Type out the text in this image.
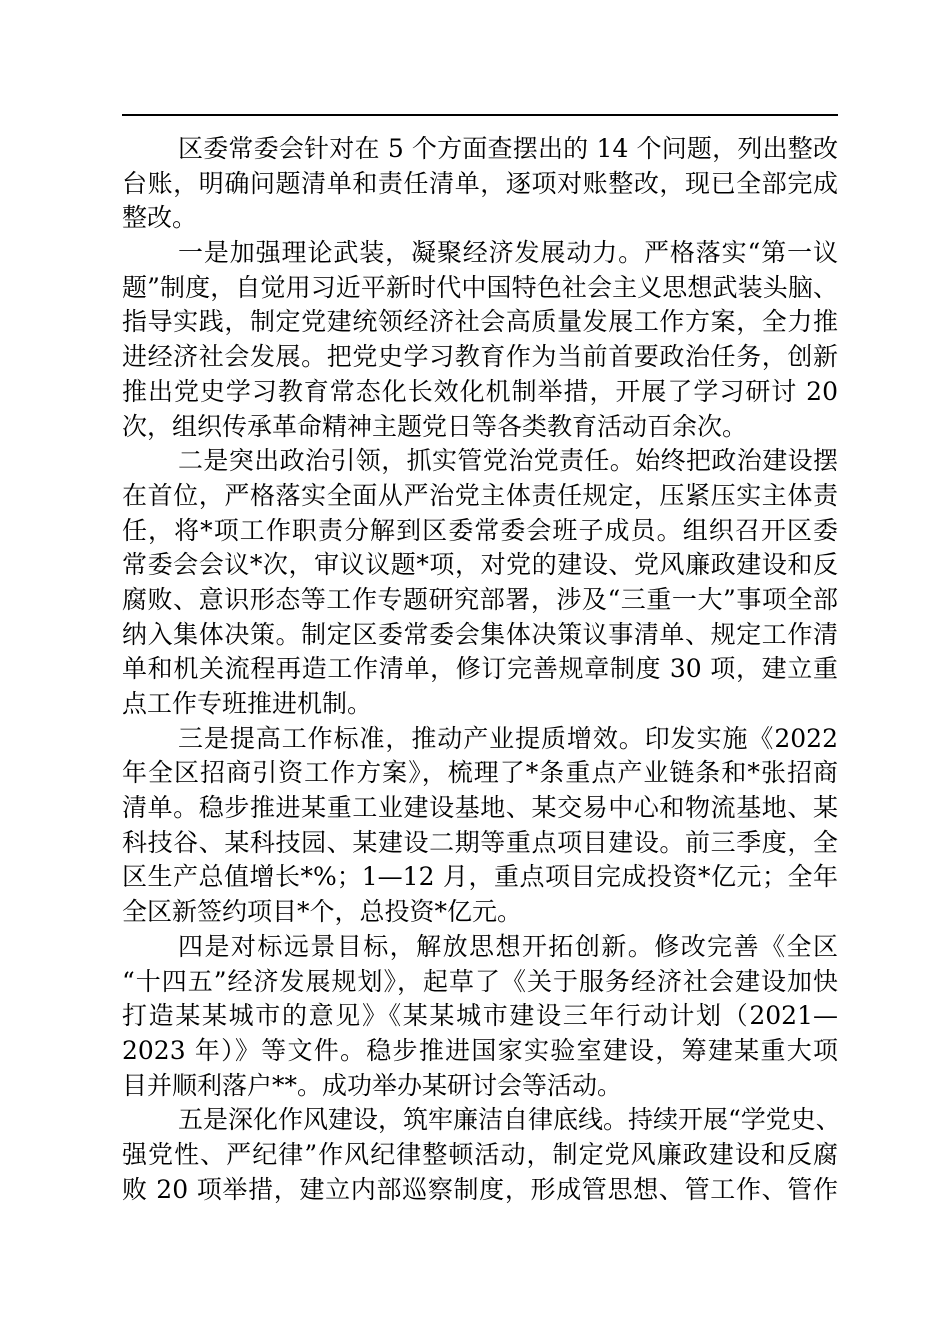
区委常委会针对在 5 个方面查摆出的 14 个问题，列出整改
台账，明确问题清单和责任清单，逐项对账整改，现已全部完成
整改。
一是加强理论武装，凝聚经济发展动力。严格落实“第一议
题”制度，自觉用习近平新时代中国特色社会主义思想武装头脑、
指导实践，制定党建统领经济社会高质量发展工作方案，全力推
进经济社会发展。把党史学习教育作为当前首要政治任务，创新
推出党史学习教育常态化长效化机制举措，开展了学习研讨 20
次，组织传承革命精神主题党日等各类教育活动百余次。
二是突出政治引领，抓实管党治党责任。始终把政治建设摆
在首位，严格落实全面从严治党主体责任规定，压紧压实主体责
任，将*项工作职责分解到区委常委会班子成员。组织召开区委
常委会会议*次，审议议题*项，对党的建设、党风廉政建设和反
腐败、意识形态等工作专题研究部署，涉及“三重一大”事项全部
纳入集体决策。制定区委常委会集体决策议事清单、规定工作清
单和机关流程再造工作清单，修订完善规章制度 30 项，建立重
点工作专班推进机制。
三是提高工作标准，推动产业提质增效。印发实施《2022
年全区招商引资工作方案》，梳理了*条重点产业链条和*张招商
清单。稳步推进某重工业建设基地、某交易中心和物流基地、某
科技谷、某科技园、某建设二期等重点项目建设。前三季度，全
区生产总值增长*%；1—12 月，重点项目完成投资*亿元；全年
全区新签约项目*个，总投资*亿元。
四是对标远景目标，解放思想开拓创新。修改完善《全区
“十四五”经济发展规划》，起草了《关于服务经济社会建设加快
打造某某城市的意见》《某某城市建设三年行动计划（2021—
2023 年）》等文件。稳步推进国家实验室建设，筹建某重大项
目并顺利落户**。成功举办某研讨会等活动。
五是深化作风建设，筑牢廉洁自律底线。持续开展“学党史、
强党性、严纪律”作风纪律整顿活动，制定党风廉政建设和反腐
败 20 项举措，建立内部巡察制度，形成管思想、管工作、管作
